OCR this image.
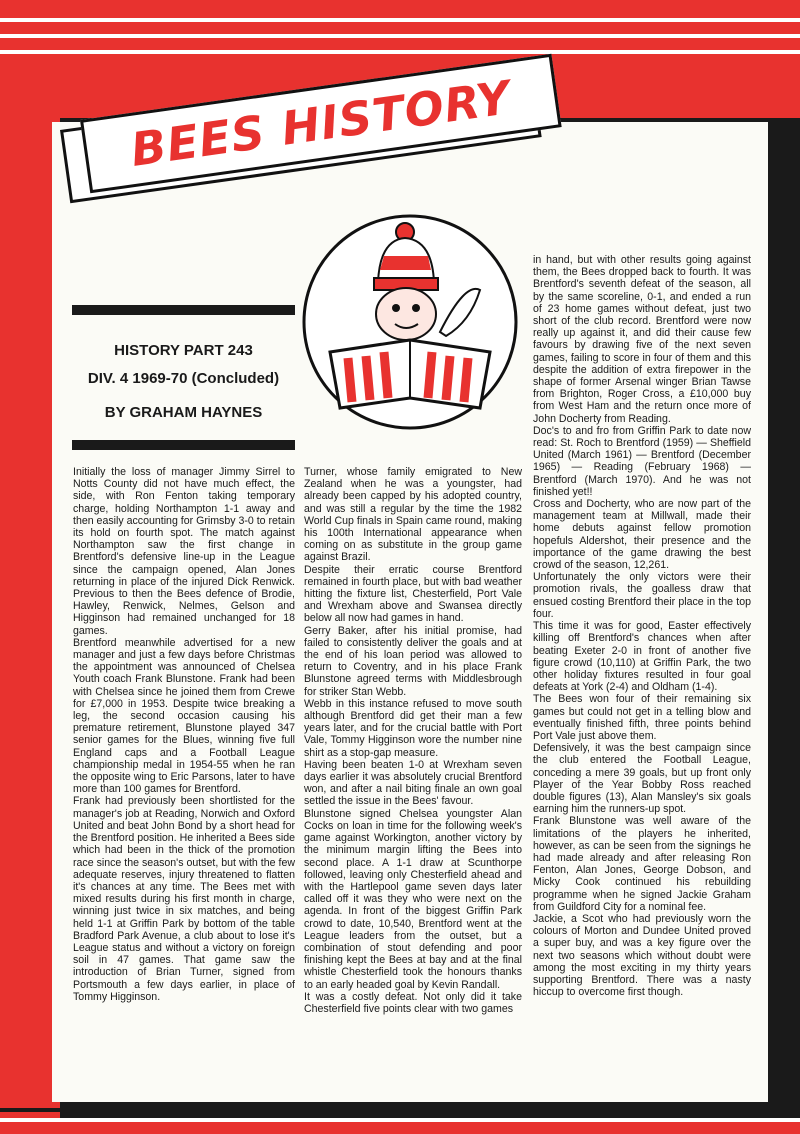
BEES HISTORY
HISTORY PART 243
DIV. 4 1969-70 (Concluded)
BY GRAHAM HAYNES

Initially the loss of manager Jimmy Sirrel to Notts County did not have much effect, the side, with Ron Fenton taking temporary charge, holding Northampton 1-1 away and then easily accounting for Grimsby 3-0 to retain its hold on fourth spot. The match against Northampton saw the first change in Brentford's defensive line-up in the League since the campaign opened, Alan Jones returning in place of the injured Dick Renwick. Previous to then the Bees defence of Brodie, Hawley, Renwick, Nelmes, Gelson and Higginson had remained unchanged for 18 games.

Brentford meanwhile advertised for a new manager and just a few days before Christmas the appointment was announced of Chelsea Youth coach Frank Blunstone. Frank had been with Chelsea since he joined them from Crewe for £7,000 in 1953. Despite twice breaking a leg, the second occasion causing his premature retirement, Blunstone played 347 senior games for the Blues, winning five full England caps and a Football League championship medal in 1954-55 when he ran the opposite wing to Eric Parsons, later to have more than 100 games for Brentford.

Frank had previously been shortlisted for the manager's job at Reading, Norwich and Oxford United and beat John Bond by a short head for the Brentford position. He inherited a Bees side which had been in the thick of the promotion race since the season's outset, but with the few adequate reserves, injury threatened to flatten it's chances at any time. The Bees met with mixed results during his first month in charge, winning just twice in six matches, and being held 1-1 at Griffin Park by bottom of the table Bradford Park Avenue, a club about to lose it's League status and without a victory on foreign soil in 47 games. That game saw the introduction of Brian Turner, signed from Portsmouth a few days earlier, in place of Tommy Higginson.

Turner, whose family emigrated to New Zealand when he was a youngster, had already been capped by his adopted country, and was still a regular by the time the 1982 World Cup finals in Spain came round, making his 100th International appearance when coming on as substitute in the group game against Brazil.

Despite their erratic course Brentford remained in fourth place, but with bad weather hitting the fixture list, Chesterfield, Port Vale and Wrexham above and Swansea directly below all now had games in hand.

Gerry Baker, after his initial promise, had failed to consistently deliver the goals and at the end of his loan period was allowed to return to Coventry, and in his place Frank Blunstone agreed terms with Middlesbrough for striker Stan Webb.

Webb in this instance refused to move south although Brentford did get their man a few years later, and for the crucial battle with Port Vale, Tommy Higginson wore the number nine shirt as a stop-gap measure.

Having been beaten 1-0 at Wrexham seven days earlier it was absolutely crucial Brentford won, and after a nail biting finale an own goal settled the issue in the Bees' favour.

Blunstone signed Chelsea youngster Alan Cocks on loan in time for the following week's game against Workington, another victory by the minimum margin lifting the Bees into second place. A 1-1 draw at Scunthorpe followed, leaving only Chesterfield ahead and with the Hartlepool game seven days later called off it was they who were next on the agenda. In front of the biggest Griffin Park crowd to date, 10,540, Brentford went at the League leaders from the outset, but a combination of stout defending and poor finishing kept the Bees at bay and at the final whistle Chesterfield took the honours thanks to an early headed goal by Kevin Randall.

It was a costly defeat. Not only did it take Chesterfield five points clear with two games

in hand, but with other results going against them, the Bees dropped back to fourth. It was Brentford's seventh defeat of the season, all by the same scoreline, 0-1, and ended a run of 23 home games without defeat, just two short of the club record. Brentford were now really up against it, and did their cause few favours by drawing five of the next seven games, failing to score in four of them and this despite the addition of extra firepower in the shape of former Arsenal winger Brian Tawse from Brighton, Roger Cross, a £10,000 buy from West Ham and the return once more of John Docherty from Reading.

Doc's to and fro from Griffin Park to date now read: St. Roch to Brentford (1959) — Sheffield United (March 1961) — Brentford (December 1965) — Reading (February 1968) — Brentford (March 1970). And he was not finished yet!!

Cross and Docherty, who are now part of the management team at Millwall, made their home debuts against fellow promotion hopefuls Aldershot, their presence and the importance of the game drawing the best crowd of the season, 12,261.

Unfortunately the only victors were their promotion rivals, the goalless draw that ensued costing Brentford their place in the top four.

This time it was for good, Easter effectively killing off Brentford's chances when after beating Exeter 2-0 in front of another five figure crowd (10,110) at Griffin Park, the two other holiday fixtures resulted in four goal defeats at York (2-4) and Oldham (1-4).

The Bees won four of their remaining six games but could not get in a telling blow and eventually finished fifth, three points behind Port Vale just above them.

Defensively, it was the best campaign since the club entered the Football League, conceding a mere 39 goals, but up front only Player of the Year Bobby Ross reached double figures (13), Alan Mansley's six goals earning him the runners-up spot.

Frank Blunstone was well aware of the limitations of the players he inherited, however, as can be seen from the signings he had made already and after releasing Ron Fenton, Alan Jones, George Dobson, and Micky Cook continued his rebuilding programme when he signed Jackie Graham from Guildford City for a nominal fee.

Jackie, a Scot who had previously worn the colours of Morton and Dundee United proved a super buy, and was a key figure over the next two seasons which without doubt were among the most exciting in my thirty years supporting Brentford. There was a nasty hiccup to overcome first though.
